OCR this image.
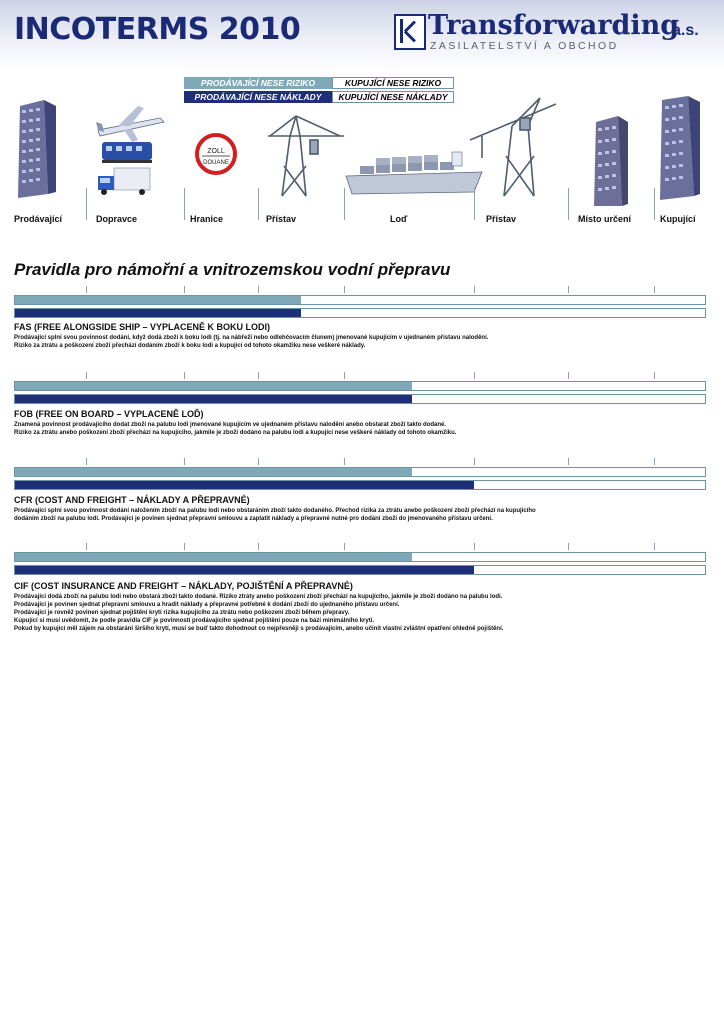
INCOTERMS 2010	Transforwarding
a.s.
ZASILATELSTVÍ A OBCHOD
PRODÁVAJÍCÍ NESE RIZIKO	KUPUJÍCÍ NESE RIZIKO
PRODÁVAJÍCÍ NESE NÁKLADY	KUPUJÍCÍ NESE NÁKLADY
ZOLL
DOUANE
Prodávající	Dopravce	Hranice	Přístav	Loď	Přístav	Místo určení	Kupující
Pravidla pro námořní a vnitrozemskou vodní přepravu
FAS (FREE ALONGSIDE SHIP – VYPLACENĚ K BOKU LODI)
Prodávající splní svou povinnost dodání, když dodá zboží k boku lodi (tj. na nábřeží nebo odlehčovacím člunem) jmenované kupujícím v ujednaném přístavu nalodění.
Riziko za ztrátu a poškození zboží přechází dodáním zboží k boku lodi a kupující od tohoto okamžiku nese veškeré náklady.
FOB (FREE ON BOARD – VYPLACENĚ LOĎ)
Znamená povinnost prodávajícího dodat zboží na palubu lodi jmenované kupujícím ve ujednaném přístavu nalodění anebo obstarat zboží takto dodané.
Riziko za ztrátu anebo poškození zboží přechází na kupujícího, jakmile je zboží dodáno na palubu lodi a kupující nese veškeré náklady od tohoto okamžiku.
CFR (COST AND FREIGHT – NÁKLADY A PŘEPRAVNÉ)
Prodávající splní svou povinnost dodání naložením zboží na palubu lodi nebo obstaráním zboží takto dodaného. Přechod rizika za ztrátu anebo poškození zboží přechází na kupujícího
dodáním zboží na palubu lodi. Prodávající je povinen sjednat přepravní smlouvu a zaplatit náklady a přepravné nutné pro dodání zboží do jmenovaného přístavu určení.
CIF (COST INSURANCE AND FREIGHT – NÁKLADY, POJIŠTĚNÍ A PŘEPRAVNÉ)
Prodávající dodá zboží na palubu lodi nebo obstará zboží takto dodané. Riziko ztráty anebo poškození zboží přechází na kupujícího, jakmile je zboží dodáno na palubu lodi.
Prodávající je povinen sjednat přepravní smlouvu a hradit náklady a přepravné potřebné k dodání zboží do ujednaného přístavu určení.
Prodávající je rovněž povinen sjednat pojištění krytí rizika kupujícího za ztrátu nebo poškození zboží během přepravy.
Kupující si musí uvědomit, že podle pravidla CIF je povinností prodávajícího sjednat pojištění pouze na bázi minimálního krytí.
Pokud by kupující měl zájem na obstarání širšího krytí, musí se buď takto dohodnout co nejpřesněji s prodávajícím, anebo učinit vlastní zvláštní opatření ohledně pojištění.
